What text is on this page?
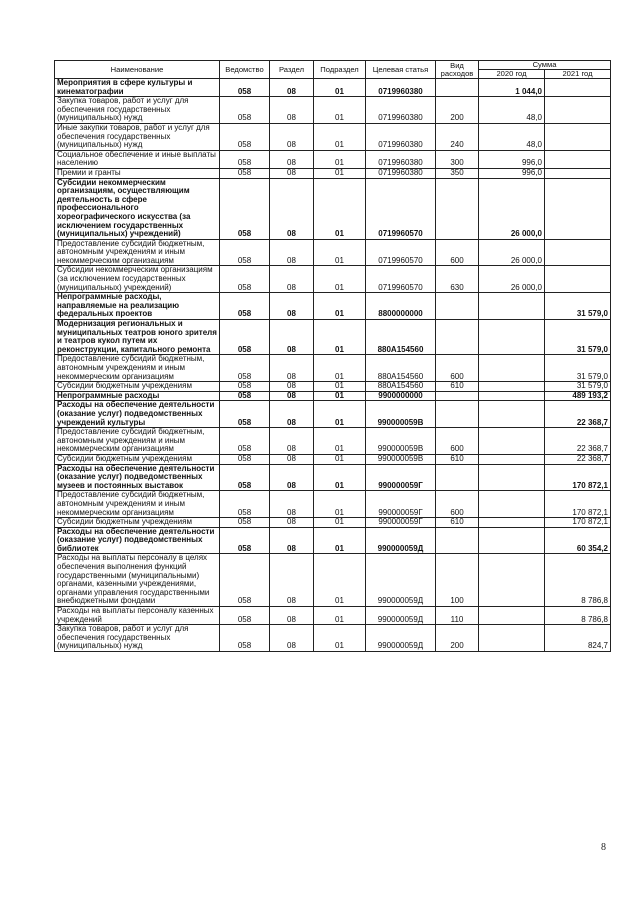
Наименование	Ведомство	Раздел	Подраздел	Целевая статья	Вид расходов	Сумма	
						2020 год	2021 год
Мероприятия в сфере культуры и кинематографии	058	08	01	0719960380		1 044,0	
Закупка товаров, работ и услуг для обеспечения государственных (муниципальных) нужд	058	08	01	0719960380	200	48,0	
Иные закупки товаров, работ и услуг для обеспечения государственных (муниципальных) нужд	058	08	01	0719960380	240	48,0	
Социальное обеспечение и иные выплаты населению	058	08	01	0719960380	300	996,0	
Премии и гранты	058	08	01	0719960380	350	996,0	
Субсидии некоммерческим организациям, осуществляющим деятельность в сфере профессионального хореографического искусства (за исключением государственных (муниципальных) учреждений)	058	08	01	0719960570		26 000,0	
Предоставление субсидий бюджетным, автономным учреждениям и иным некоммерческим организациям	058	08	01	0719960570	600	26 000,0	
Субсидии некоммерческим организациям (за исключением государственных (муниципальных) учреждений)	058	08	01	0719960570	630	26 000,0	
Непрограммные расходы, направляемые на реализацию федеральных проектов	058	08	01	8800000000			31 579,0
Модернизация региональных и муниципальных театров юного зрителя и театров кукол путем их реконструкции, капитального ремонта	058	08	01	880A154560			31 579,0
Предоставление субсидий бюджетным, автономным учреждениям и иным некоммерческим организациям	058	08	01	880A154560	600		31 579,0
Субсидии бюджетным учреждениям	058	08	01	880A154560	610		31 579,0
Непрограммные расходы	058	08	01	9900000000			489 193,2
Расходы на обеспечение деятельности (оказание услуг) подведомственных учреждений культуры	058	08	01	990000059В			22 368,7
Предоставление субсидий бюджетным, автономным учреждениям и иным некоммерческим организациям	058	08	01	990000059В	600		22 368,7
Субсидии бюджетным учреждениям	058	08	01	990000059В	610		22 368,7
Расходы на обеспечение деятельности (оказание услуг) подведомственных музеев и постоянных выставок	058	08	01	990000059Г			170 872,1
Предоставление субсидий бюджетным, автономным учреждениям и иным некоммерческим организациям	058	08	01	990000059Г	600		170 872,1
Субсидии бюджетным учреждениям	058	08	01	990000059Г	610		170 872,1
Расходы на обеспечение деятельности (оказание услуг) подведомственных библиотек	058	08	01	990000059Д			60 354,2
Расходы на выплаты персоналу в целях обеспечения выполнения функций государственными (муниципальными) органами, казенными учреждениями, органами управления государственными внебюджетными фондами	058	08	01	990000059Д	100		8 786,8
Расходы на выплаты персоналу казенных учреждений	058	08	01	990000059Д	110		8 786,8
Закупка товаров, работ и услуг для обеспечения государственных (муниципальных) нужд	058	08	01	990000059Д	200		824,7
8
